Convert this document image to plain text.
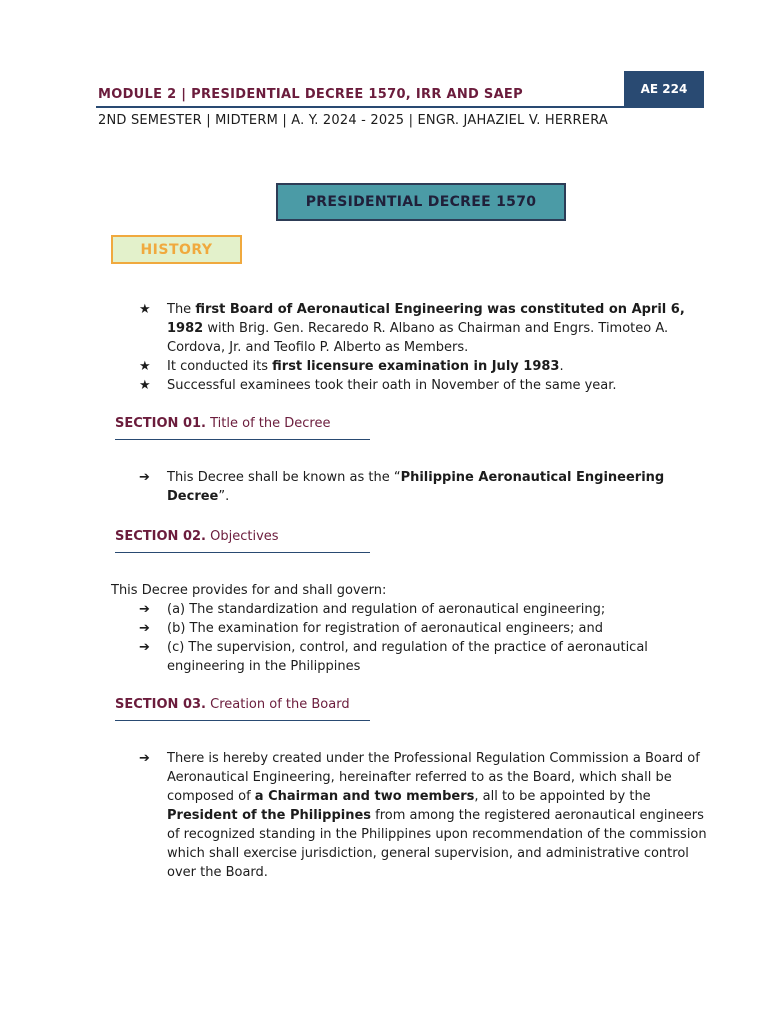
MODULE 2 | PRESIDENTIAL DECREE 1570, IRR AND SAEP	AE 224
2ND SEMESTER | MIDTERM | A. Y. 2024 - 2025 | ENGR. JAHAZIEL V. HERRERA
PRESIDENTIAL DECREE 1570
HISTORY
★	The first Board of Aeronautical Engineering was constituted on April 6, 1982 with Brig. Gen. Recaredo R. Albano as Chairman and Engrs. Timoteo A. Cordova, Jr. and Teofilo P. Alberto as Members.
★	It conducted its first licensure examination in July 1983.
★	Successful examinees took their oath in November of the same year.
SECTION 01. Title of the Decree
➔	This Decree shall be known as the “Philippine Aeronautical Engineering Decree”.
SECTION 02. Objectives
This Decree provides for and shall govern:
➔	(a) The standardization and regulation of aeronautical engineering;
➔	(b) The examination for registration of aeronautical engineers; and
➔	(c) The supervision, control, and regulation of the practice of aeronautical engineering in the Philippines
SECTION 03. Creation of the Board
➔	There is hereby created under the Professional Regulation Commission a Board of Aeronautical Engineering, hereinafter referred to as the Board, which shall be composed of a Chairman and two members, all to be appointed by the President of the Philippines from among the registered aeronautical engineers of recognized standing in the Philippines upon recommendation of the commission which shall exercise jurisdiction, general supervision, and administrative control over the Board.
